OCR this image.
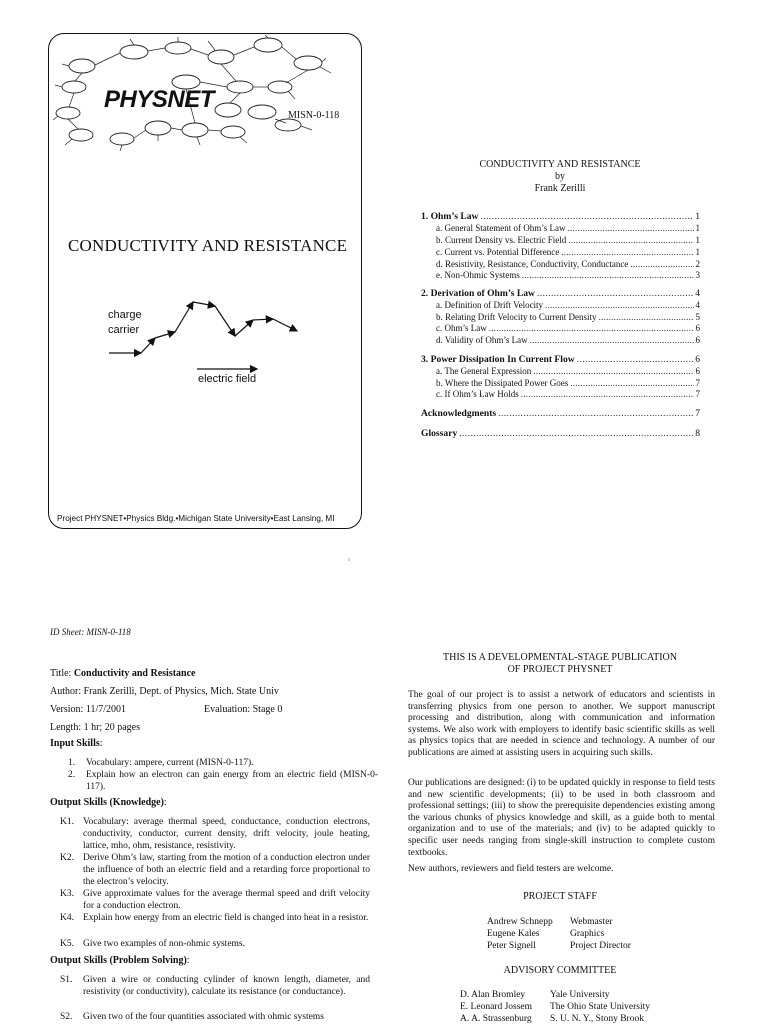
PHYSNET
MISN-0-118
CONDUCTIVITY AND RESISTANCE
charge
carrier
electric field
Project PHYSNET•Physics Bldg.•Michigan State University•East Lansing, MI
1
CONDUCTIVITY AND RESISTANCE
by
Frank Zerilli
1. Ohm’s Law . . .	1
a. General Statement of Ohm’s Law . . .	1
b. Current Density vs. Electric Field . . .	1
c. Current vs. Potential Difference . . .	1
d. Resistivity, Resistance, Conductivity, Conductance . . .	2
e. Non-Ohmic Systems . . .	3
2. Derivation of Ohm’s Law . . .	4
a. Definition of Drift Velocity . . .	4
b. Relating Drift Velocity to Current Density . . .	5
c. Ohm’s Law . . .	6
d. Validity of Ohm’s Law . . .	6
3. Power Dissipation In Current Flow . . .	6
a. The General Expression . . .	6
b. Where the Dissipated Power Goes . . .	7
c. If Ohm’s Law Holds . . .	7
Acknowledgments . . .	7
Glossary . . .	8
ID Sheet: MISN-0-118
Title: Conductivity and Resistance
Author: Frank Zerilli, Dept. of Physics, Mich. State Univ
Version: 11/7/2001	Evaluation: Stage 0
Length: 1 hr; 20 pages
Input Skills:
1. Vocabulary: ampere, current (MISN-0-117).
2. Explain how an electron can gain energy from an electric field (MISN-0-117).
Output Skills (Knowledge):
K1. Vocabulary: average thermal speed, conductance, conduction electrons, conductivity, conductor, current density, drift velocity, joule heating, lattice, mho, ohm, resistance, resistivity.
K2. Derive Ohm’s law, starting from the motion of a conduction electron under the influence of both an electric field and a retarding force proportional to the electron’s velocity.
K3. Give approximate values for the average thermal speed and drift velocity for a conduction electron.
K4. Explain how energy from an electric field is changed into heat in a resistor.
K5. Give two examples of non-ohmic systems.
Output Skills (Problem Solving):
S1. Given a wire or conducting cylinder of known length, diameter, and resistivity (or conductivity), calculate its resistance (or conductance).
S2. Given two of the four quantities associated with ohmic systems
THIS IS A DEVELOPMENTAL-STAGE PUBLICATION
OF PROJECT PHYSNET
The goal of our project is to assist a network of educators and scientists in transferring physics from one person to another. We support manuscript processing and distribution, along with communication and information systems. We also work with employers to identify basic scientific skills as well as physics topics that are needed in science and technology. A number of our publications are aimed at assisting users in acquiring such skills.
Our publications are designed: (i) to be updated quickly in response to field tests and new scientific developments; (ii) to be used in both classroom and professional settings; (iii) to show the prerequisite dependencies existing among the various chunks of physics knowledge and skill, as a guide both to mental organization and to use of the materials; and (iv) to be adapted quickly to specific user needs ranging from single-skill instruction to complete custom textbooks.
New authors, reviewers and field testers are welcome.
PROJECT STAFF
Andrew Schnepp Webmaster
Eugene Kales	Graphics
Peter Signell	Project Director
ADVISORY COMMITTEE
D. Alan Bromley	Yale University
E. Leonard Jossem The Ohio State University
A. A. Strassenburg S. U. N. Y., Stony Brook
